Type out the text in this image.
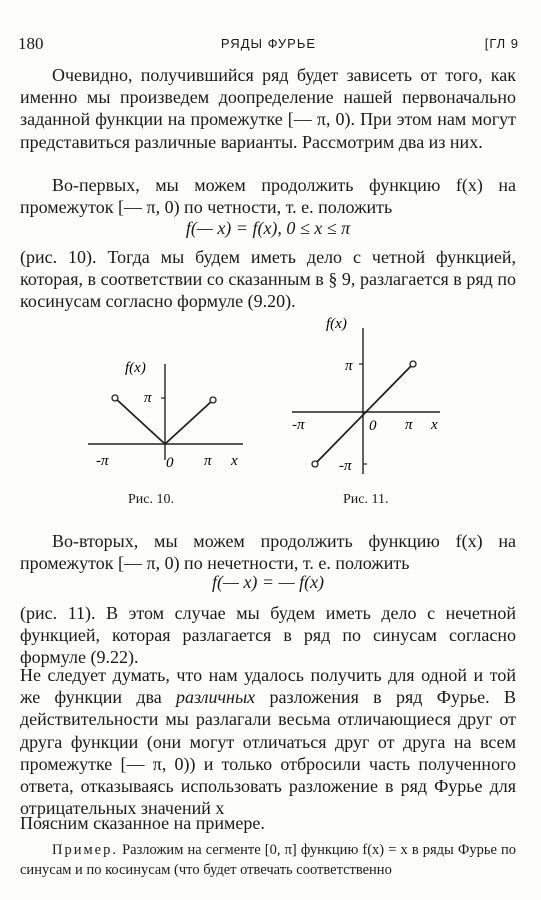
180	РЯДЫ ФУРЬЕ	[ГЛ 9

Очевидно, получившийся ряд будет зависеть от того, как именно мы произведем доопределение нашей первоначально заданной функции на промежутке [— π, 0). При этом нам могут представиться различные варианты. Рассмотрим два из них.

Во-первых, мы можем продолжить функцию f(x) на промежуток [— π, 0) по четности, т. е. положить

f(— x) = f(x), 0 ≤ x ≤ π

(рис. 10). Тогда мы будем иметь дело с четной функцией, которая, в соответствии со сказанным в § 9, разлагается в ряд по косинусам согласно формуле (9.20).

f(x)
π
-π	0 π x
Рис. 10.
f(x)
π
-π	0 π x
-π
Рис. 11.

Во-вторых, мы можем продолжить функцию f(x) на промежуток [— π, 0) по нечетности, т. е. положить

f(— x) = — f(x)

(рис. 11). В этом случае мы будем иметь дело с нечетной функцией, которая разлагается в ряд по синусам согласно формуле (9.22).

Не следует думать, что нам удалось получить для одной и той же функции два различных разложения в ряд Фурье. В действительности мы разлагали весьма отличающиеся друг от друга функции (они могут отличаться друг от друга на всем промежутке [— π, 0)) и только отбросили часть полученного ответа, отказываясь использовать разложение в ряд Фурье для отрицательных значений x

Поясним сказанное на примере.

Пример. Разложим на сегменте [0, π] функцию f(x) = x в ряды Фурье по синусам и по косинусам (что будет отвечать соответственно
